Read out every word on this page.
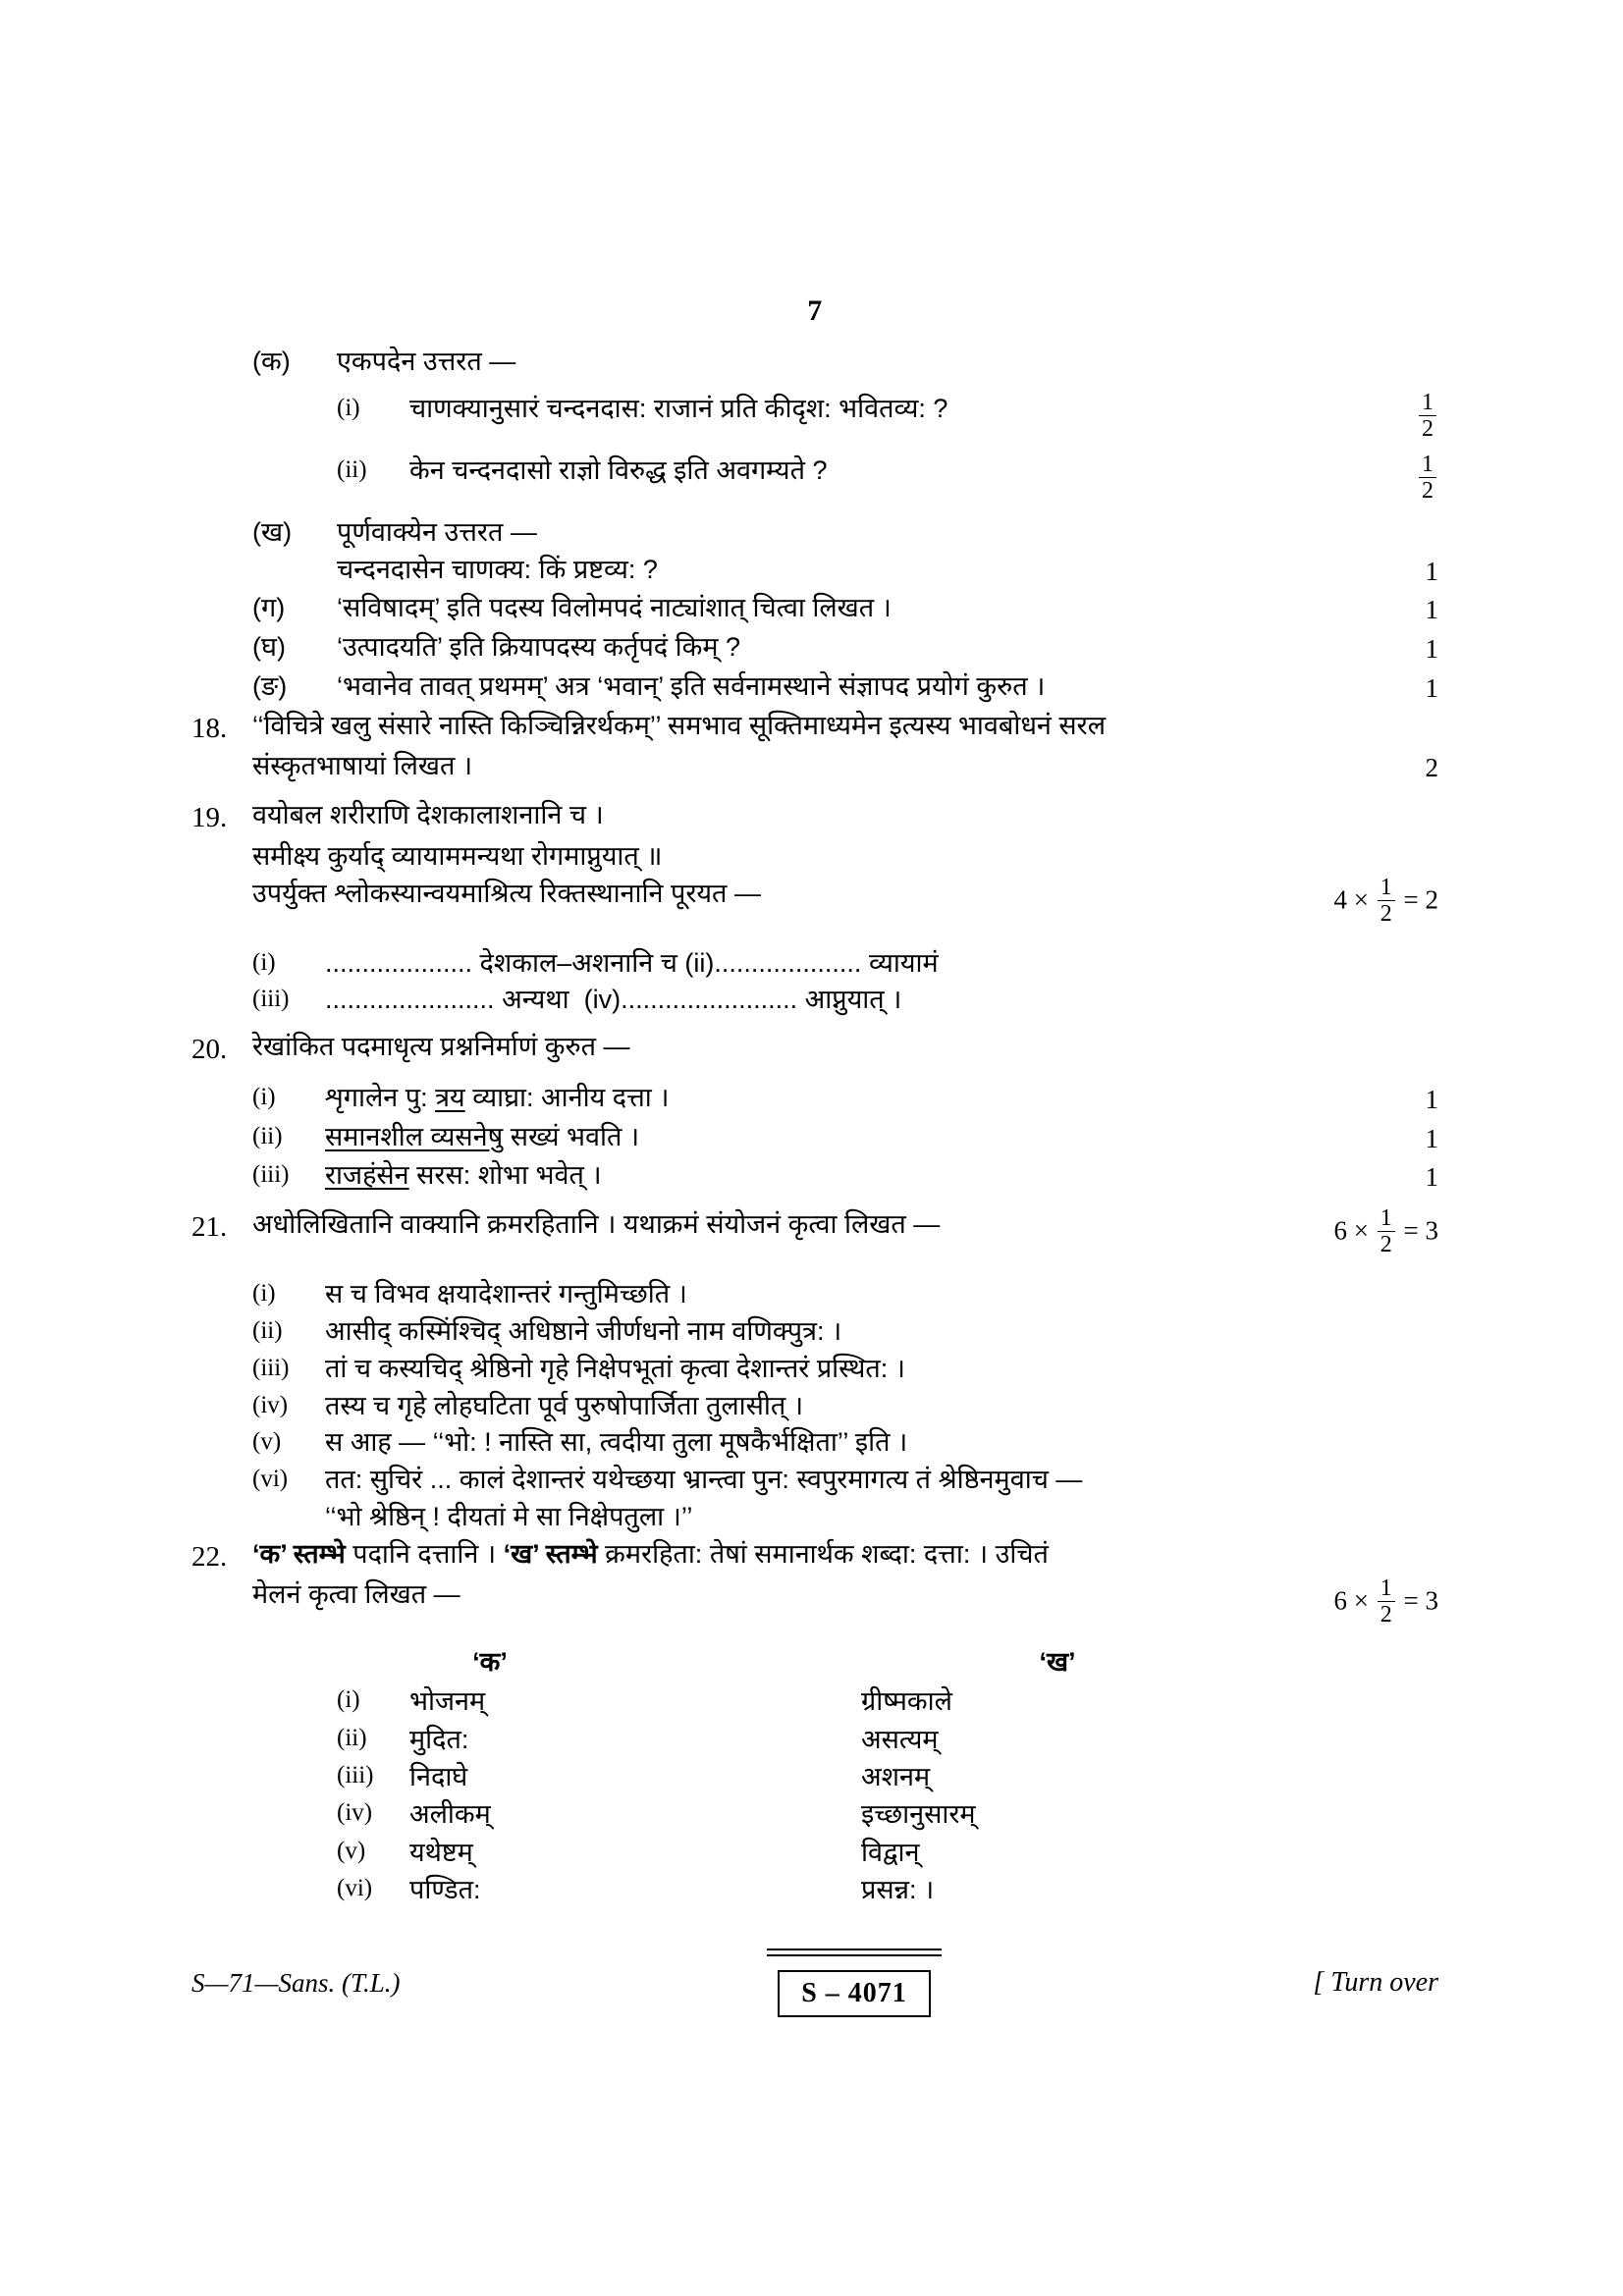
7
(क)	एकपदेन उत्तरत —
(i)	चाणक्यानुसारं चन्दनदास: राजानं प्रति कीदृश: भवितव्य: ?	$\frac{1}{2}$
(ii)	केन चन्दनदासो राज्ञो विरुद्ध इति अवगम्यते ?	$\frac{1}{2}$
(ख)	पूर्णवाक्येन उत्तरत —
चन्दनदासेन चाणक्य: किं प्रष्टव्य: ?	1
(ग)	‘सविषादम्’ इति पदस्य विलोमपदं नाट्यांशात् चित्वा लिखत ।	1
(घ)	‘उत्पादयति’ इति क्रियापदस्य कर्तृपदं किम् ?	1
(ङ)	‘भवानेव तावत् प्रथमम्’ अत्र ‘भवान्’ इति सर्वनामस्थाने संज्ञापद प्रयोगं कुरुत ।	1
18. ‘‘विचित्रे खलु संसारे नास्ति किञ्चिन्निरर्थकम्’’ समभाव सूक्तिमाध्यमेन इत्यस्य भावबोधनं सरल
संस्कृतभाषायां लिखत ।	2
19. वयोबल शरीराणि देशकालाशनानि च ।
समीक्ष्य कुर्याद् व्यायाममन्यथा रोगमाप्नुयात् ॥
उपर्युक्त श्लोकस्यान्वयमाश्रित्य रिक्तस्थानानि पूरयत —	$4 \times \frac{1}{2} = 2$
(i)	.................... देशकाल–अशनानि च (ii).................... व्यायामं
(iii)	....................... अन्यथा (iv)........................ आप्नुयात् ।
20. रेखांकित पदमाधृत्य प्रश्ननिर्माणं कुरुत —
(i)	शृगालेन पु: त्रय व्याघ्रा: आनीय दत्ता ।	1
(ii)	समानशील व्यसनेषु सख्यं भवति ।	1
(iii)	राजहंसेन सरस: शोभा भवेत् ।	1
21. अधोलिखितानि वाक्यानि क्रमरहितानि । यथाक्रमं संयोजनं कृत्वा लिखत —	$6 \times \frac{1}{2} = 3$
(i)	स च विभव क्षयादेशान्तरं गन्तुमिच्छति ।
(ii)	आसीद् कस्मिंश्चिद् अधिष्ठाने जीर्णधनो नाम वणिक्पुत्र: ।
(iii)	तां च कस्यचिद् श्रेष्ठिनो गृहे निक्षेपभूतां कृत्वा देशान्तरं प्रस्थित: ।
(iv)	तस्य च गृहे लोहघटिता पूर्व पुरुषोपार्जिता तुलासीत् ।
(v)	स आह — ‘‘भो: ! नास्ति सा, त्वदीया तुला मूषकैर्भक्षिता’’ इति ।
(vi)	तत: सुचिरं ... कालं देशान्तरं यथेच्छया भ्रान्त्वा पुन: स्वपुरमागत्य तं श्रेष्ठिनमुवाच —
‘‘भो श्रेष्ठिन् ! दीयतां मे सा निक्षेपतुला ।’’
22. ‘क’ स्तम्भे पदानि दत्तानि । ‘ख’ स्तम्भे क्रमरहिता: तेषां समानार्थक शब्दा: दत्ता: । उचितं
मेलनं कृत्वा लिखत —	$6 \times \frac{1}{2} = 3$
‘क’	‘ख’
(i)	भोजनम्	ग्रीष्मकाले
(ii)	मुदित:	असत्यम्
(iii)	निदाघे	अशनम्
(iv)	अलीकम्	इच्छानुसारम्
(v)	यथेष्टम्	विद्वान्
(vi)	पण्डित:	प्रसन्न: ।
S—71—Sans. (T.L.)	S – 4071	[ Turn over
